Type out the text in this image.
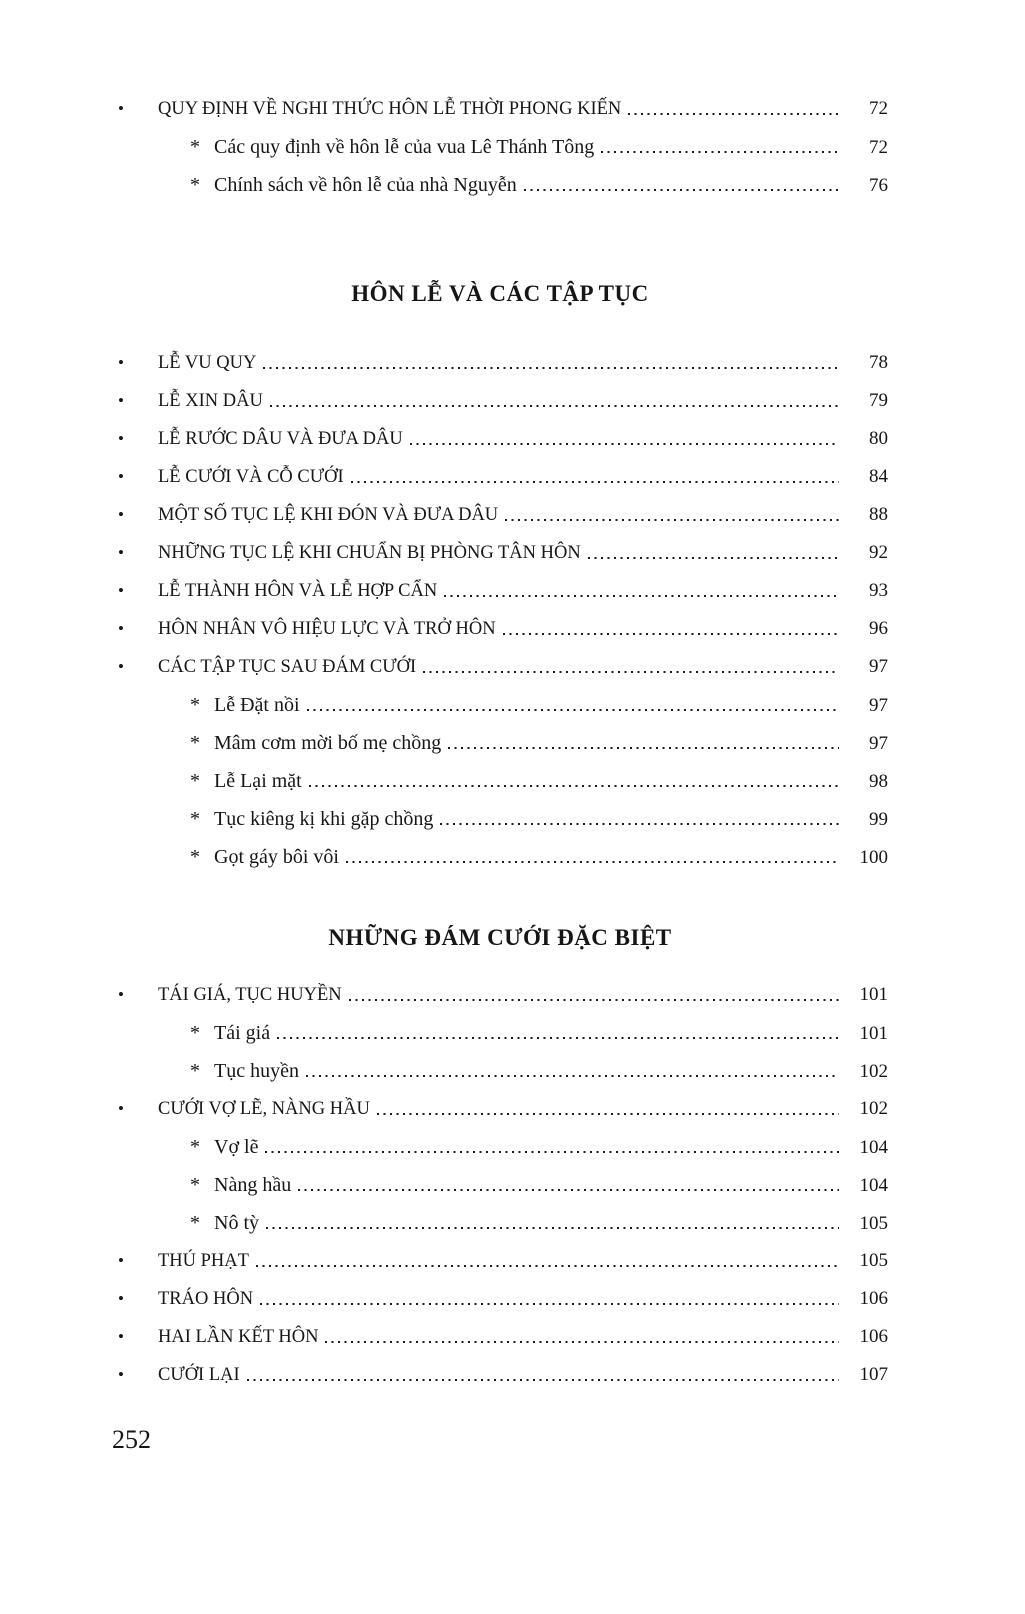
•	QUY ĐỊNH VỀ NGHI THỨC HÔN LỄ THỜI PHONG KIẾN	72
* Các quy định về hôn lễ của vua Lê Thánh Tông	72
* Chính sách về hôn lễ của nhà Nguyễn	76
HÔN LỄ VÀ CÁC TẬP TỤC
•	LỄ VU QUY	78
•	LỄ XIN DÂU	79
•	LỄ RƯỚC DÂU VÀ ĐƯA DÂU	80
•	LỄ CƯỚI VÀ CỖ CƯỚI	84
•	MỘT SỐ TỤC LỆ KHI ĐÓN VÀ ĐƯA DÂU	88
•	NHỮNG TỤC LỆ KHI CHUẨN BỊ PHÒNG TÂN HÔN	92
•	LỄ THÀNH HÔN VÀ LỄ HỢP CẨN	93
•	HÔN NHÂN VÔ HIỆU LỰC VÀ TRỞ HÔN	96
•	CÁC TẬP TỤC SAU ĐÁM CƯỚI	97
* Lễ Đặt nồi	97
* Mâm cơm mời bố mẹ chồng	97
* Lễ Lại mặt	98
* Tục kiêng kị khi gặp chồng	99
* Gọt gáy bôi vôi	100
NHỮNG ĐÁM CƯỚI ĐẶC BIỆT
•	TÁI GIÁ, TỤC HUYỀN	101
* Tái giá	101
* Tục huyền	102
•	CƯỚI VỢ LẼ, NÀNG HẦU	102
* Vợ lẽ	104
* Nàng hầu	104
* Nô tỳ	105
•	THÚ PHẠT	105
•	TRÁO HÔN	106
•	HAI LẦN KẾT HÔN	106
•	CƯỚI LẠI	107
252
